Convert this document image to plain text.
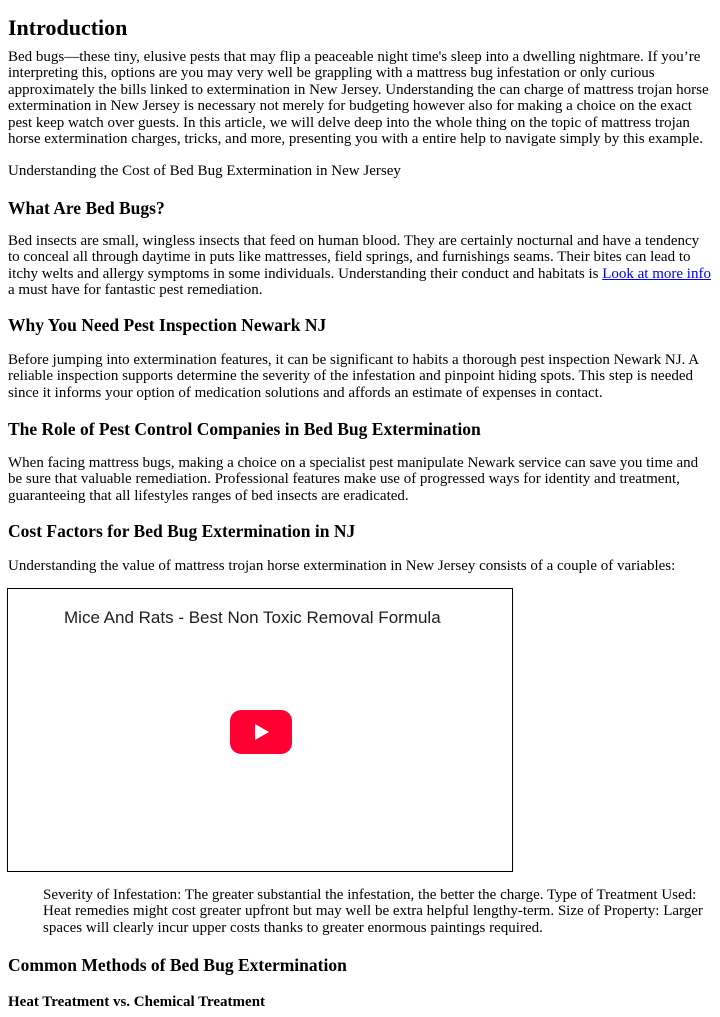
Introduction

Bed bugs—these tiny, elusive pests that may flip a peaceable night time's sleep into a dwelling nightmare. If you’re interpreting this, options are you may very well be grappling with a mattress bug infestation or only curious approximately the bills linked to extermination in New Jersey. Understanding the can charge of mattress trojan horse extermination in New Jersey is necessary not merely for budgeting however also for making a choice on the exact pest keep watch over guests. In this article, we will delve deep into the whole thing on the topic of mattress trojan horse extermination charges, tricks, and more, presenting you with a entire help to navigate simply by this example.

Understanding the Cost of Bed Bug Extermination in New Jersey

What Are Bed Bugs?

Bed insects are small, wingless insects that feed on human blood. They are certainly nocturnal and have a tendency to conceal all through daytime in puts like mattresses, field springs, and furnishings seams. Their bites can lead to itchy welts and allergy symptoms in some individuals. Understanding their conduct and habitats is Look at more info a must have for fantastic pest remediation.

Why You Need Pest Inspection Newark NJ

Before jumping into extermination features, it can be significant to habits a thorough pest inspection Newark NJ. A reliable inspection supports determine the severity of the infestation and pinpoint hiding spots. This step is needed since it informs your option of medication solutions and affords an estimate of expenses in contact.

The Role of Pest Control Companies in Bed Bug Extermination

When facing mattress bugs, making a choice on a specialist pest manipulate Newark service can save you time and be sure that valuable remediation. Professional features make use of progressed ways for identity and treatment, guaranteeing that all lifestyles ranges of bed insects are eradicated.

Cost Factors for Bed Bug Extermination in NJ

Understanding the value of mattress trojan horse extermination in New Jersey consists of a couple of variables:

Mice And Rats - Best Non Toxic Removal Formula

Severity of Infestation: The greater substantial the infestation, the better the charge. Type of Treatment Used: Heat remedies might cost greater upfront but may well be extra helpful lengthy-term. Size of Property: Larger spaces will clearly incur upper costs thanks to greater enormous paintings required.

Common Methods of Bed Bug Extermination
Heat Treatment vs. Chemical Treatment
